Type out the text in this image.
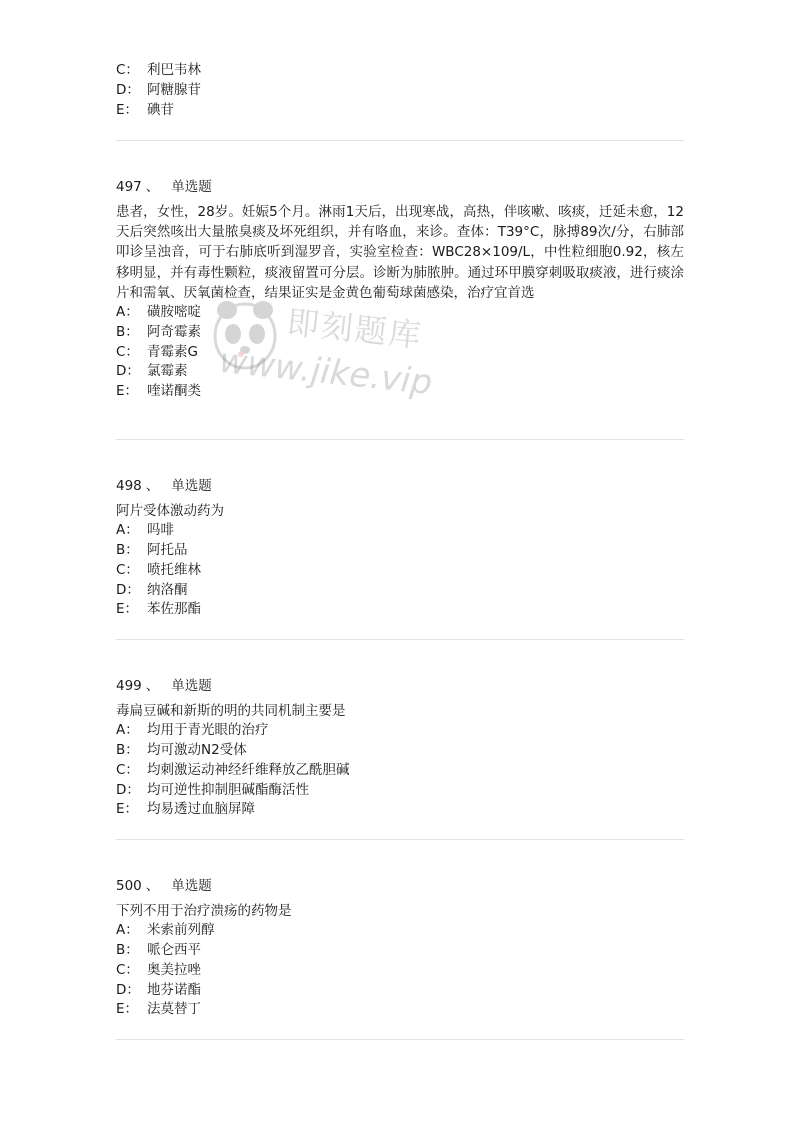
C： 利巴韦林
D： 阿糖腺苷
E： 碘苷
497 、 单选题
患者，女性，28岁。妊娠5个月。淋雨1天后，出现寒战，高热，伴咳嗽、咳痰，迁延未愈，12天后突然咳出大量脓臭痰及坏死组织，并有咯血，来诊。查体：T39°C，脉搏89次/分，右肺部叩诊呈浊音，可于右肺底听到湿罗音，实验室检查：WBC28×109/L，中性粒细胞0.92，核左移明显，并有毒性颗粒，痰液留置可分层。诊断为肺脓肿。通过环甲膜穿刺吸取痰液，进行痰涂片和需氧、厌氧菌检查，结果证实是金黄色葡萄球菌感染，治疗宜首选
A： 磺胺嘧啶
B： 阿奇霉素
C： 青霉素G
D： 氯霉素
E： 喹诺酮类
498 、 单选题
阿片受体激动药为
A： 吗啡
B： 阿托品
C： 喷托维林
D： 纳洛酮
E： 苯佐那酯
499 、 单选题
毒扁豆碱和新斯的明的共同机制主要是
A： 均用于青光眼的治疗
B： 均可激动N2受体
C： 均刺激运动神经纤维释放乙酰胆碱
D： 均可逆性抑制胆碱酯酶活性
E： 均易透过血脑屏障
500 、 单选题
下列不用于治疗溃疡的药物是
A： 米索前列醇
B： 哌仑西平
C： 奥美拉唑
D： 地芬诺酯
E： 法莫替丁
即刻题库
www.jike.vip
